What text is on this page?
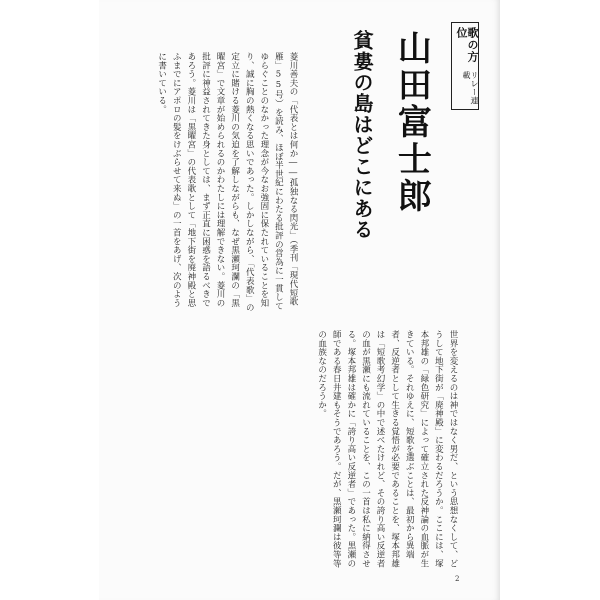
リレー連載
歌の方位
山田富士郎
貧婁の島はどこにある

菱川善夫の「代表とは何か――孤独なる閃光」（季刊「現代短歌雁」55号）を読み、ほぼ半世紀にわたる批評の営為に一貫してゆらぐことのなかった理念が今なお強固に保たれていることを知り、誠に胸の熱くなる思いであった。しかしながら、「代表歌」の定立に賭ける菱川の気迫を了解しながらも、なぜ黒瀬珂瀾の「黒曜宮」で文章が始められるのかわたしには理解できない。菱川の批評に神益されてきた身としては、まず正直に困惑を語るべきであろう。菱川は「黒曜宮」の代表歌として「地下街を廃神殿と思ふまでにアポロの髪をけぶらせて来ぬ」の一首をあげ、次のように書いている。

世界を変えるのは神ではなく男だ、という思想なくして、どうして地下街が「廃神殿」に変わるだろうか。ここには、塚本邦雄の「緑色研究」によって確立された反神論の血脈が生きている。それゆえに、短歌を選ぶことは、最初から異端者、反逆者として生きる覚悟が必要であることを、塚本邦雄は「短歌考幻学」の中で述べたけれど、その誇り高い反逆者の血が黒瀬にも流れていることを、この一首は私に納得させる。塚本邦雄は確かに「誇り高い反逆者」であった。黒瀬の師である春日井建もそうであろう。だが、黒瀬珂瀾は彼等等の血族なのだろうか。

2
